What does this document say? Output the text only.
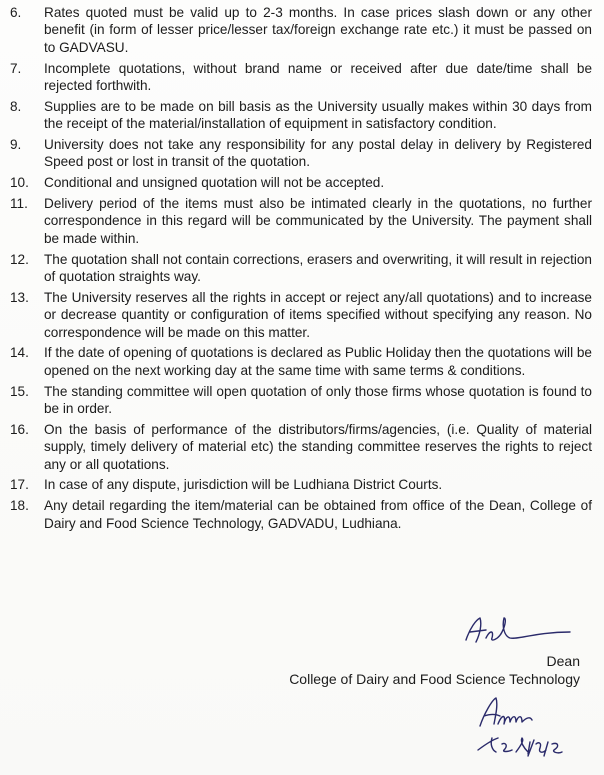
6.	Rates quoted must be valid up to 2-3 months. In case prices slash down or any other benefit (in form of lesser price/lesser tax/foreign exchange rate etc.) it must be passed on to GADVASU.
7.	Incomplete quotations, without brand name or received after due date/time shall be rejected forthwith.
8.	Supplies are to be made on bill basis as the University usually makes within 30 days from the receipt of the material/installation of equipment in satisfactory condition.
9.	University does not take any responsibility for any postal delay in delivery by Registered Speed post or lost in transit of the quotation.
10.	Conditional and unsigned quotation will not be accepted.
11.	Delivery period of the items must also be intimated clearly in the quotations, no further correspondence in this regard will be communicated by the University. The payment shall be made within.
12.	The quotation shall not contain corrections, erasers and overwriting, it will result in rejection of quotation straights way.
13.	The University reserves all the rights in accept or reject any/all quotations) and to increase or decrease quantity or configuration of items specified without specifying any reason. No correspondence will be made on this matter.
14.	If the date of opening of quotations is declared as Public Holiday then the quotations will be opened on the next working day at the same time with same terms & conditions.
15.	The standing committee will open quotation of only those firms whose quotation is found to be in order.
16.	On the basis of performance of the distributors/firms/agencies, (i.e. Quality of material supply, timely delivery of material etc) the standing committee reserves the rights to reject any or all quotations.
17.	In case of any dispute, jurisdiction will be Ludhiana District Courts.
18.	Any detail regarding the item/material can be obtained from office of the Dean, College of Dairy and Food Science Technology, GADVADU, Ludhiana.
Dean
College of Dairy and Food Science Technology
